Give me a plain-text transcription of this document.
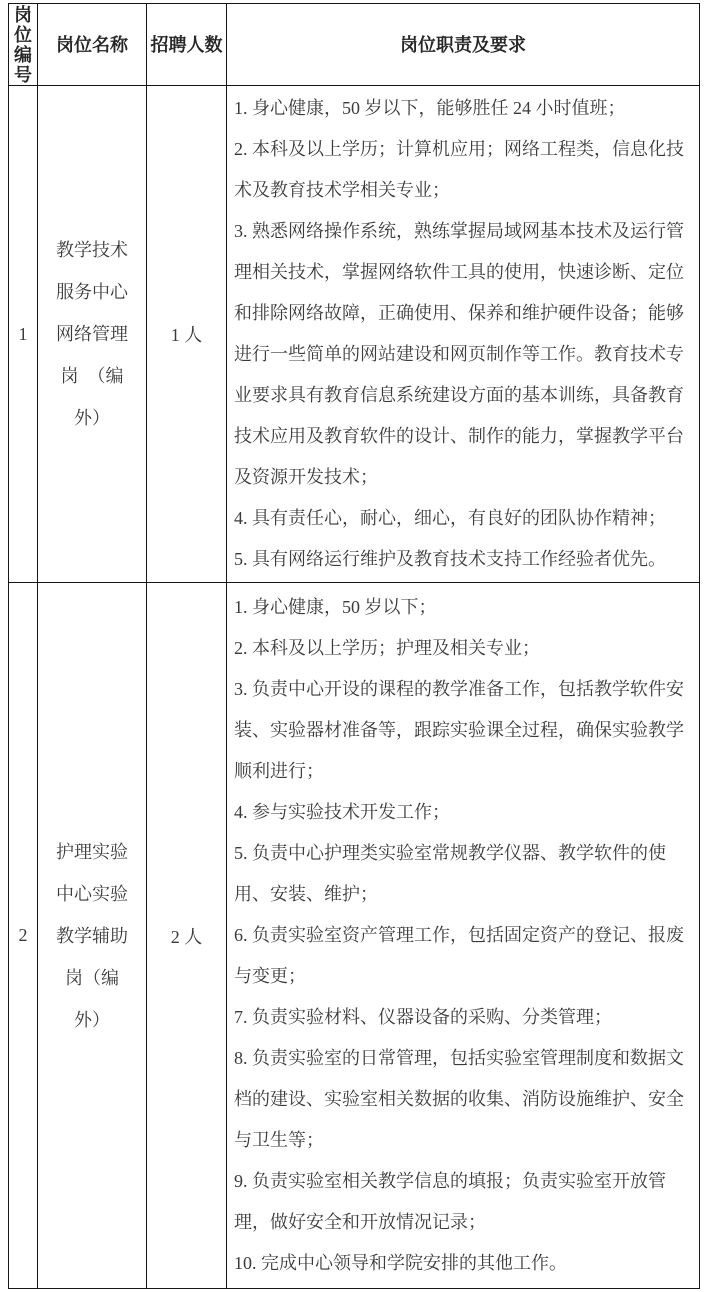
岗位编号	岗位名称	招聘人数	岗位职责及要求
1	教学技术服务中心网络管理岗　（编外）	1 人	1. 身心健康，50 岁以下，能够胜任 24 小时值班；
2. 本科及以上学历；计算机应用；网络工程类，信息化技术及教育技术学相关专业；
3. 熟悉网络操作系统，熟练掌握局域网基本技术及运行管理相关技术，掌握网络软件工具的使用，快速诊断、定位和排除网络故障，正确使用、保养和维护硬件设备；能够进行一些简单的网站建设和网页制作等工作。教育技术专业要求具有教育信息系统建设方面的基本训练，具备教育技术应用及教育软件的设计、制作的能力，掌握教学平台及资源开发技术；
4. 具有责任心，耐心，细心，有良好的团队协作精神；
5. 具有网络运行维护及教育技术支持工作经验者优先。

2	护理实验中心实验教学辅助岗（编外）	2 人	
1. 身心健康，50 岁以下；
2. 本科及以上学历；护理及相关专业；
3. 负责中心开设的课程的教学准备工作，包括教学软件安装、实验器材准备等，跟踪实验课全过程，确保实验教学顺利进行；
4. 参与实验技术开发工作；
5. 负责中心护理类实验室常规教学仪器、教学软件的使用、安装、维护；
6. 负责实验室资产管理工作，包括固定资产的登记、报废与变更；
7. 负责实验材料、仪器设备的采购、分类管理；
8. 负责实验室的日常管理，包括实验室管理制度和数据文档的建设、实验室相关数据的收集、消防设施维护、安全与卫生等；
9. 负责实验室相关教学信息的填报；负责实验室开放管理，做好安全和开放情况记录；
10. 完成中心领导和学院安排的其他工作。
